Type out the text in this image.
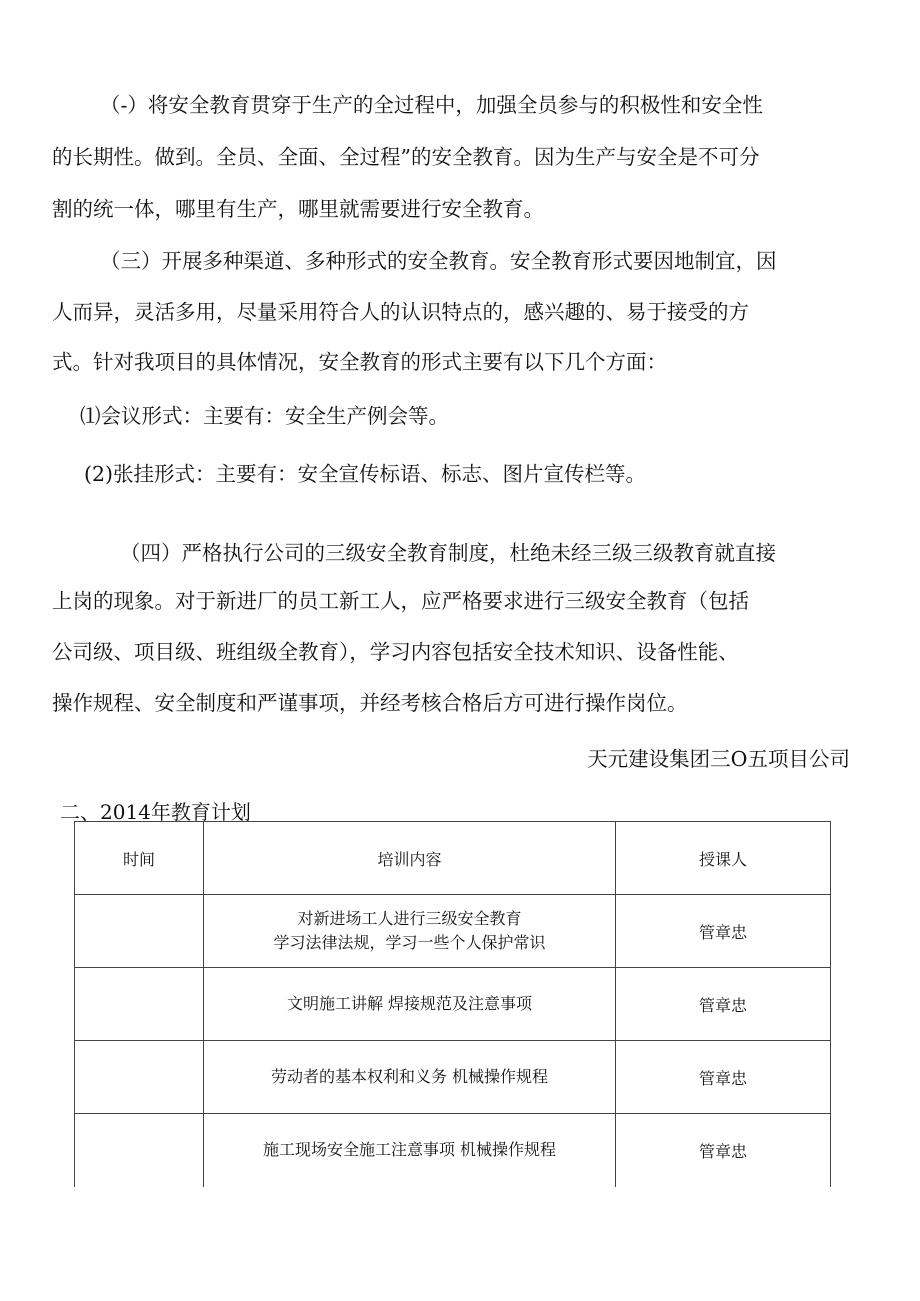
（-）将安全教育贯穿于生产的全过程中，加强全员参与的积极性和安全性
的长期性。做到。全员、全面、全过程”的安全教育。因为生产与安全是不可分
割的统一体，哪里有生产，哪里就需要进行安全教育。
（三）开展多种渠道、多种形式的安全教育。安全教育形式要因地制宜，因
人而异，灵活多用，尽量采用符合人的认识特点的，感兴趣的、易于接受的方
式。针对我项目的具体情况，安全教育的形式主要有以下几个方面：
⑴会议形式：主要有：安全生产例会等。
(2)张挂形式：主要有：安全宣传标语、标志、图片宣传栏等。
（四）严格执行公司的三级安全教育制度，杜绝未经三级三级教育就直接
上岗的现象。对于新进厂的员工新工人，应严格要求进行三级安全教育（包括
公司级、项目级、班组级全教育），学习内容包括安全技术知识、设备性能、
操作规程、安全制度和严谨事项，并经考核合格后方可进行操作岗位。
天元建设集团三O五项目公司
二、2014年教育计划
时间	培训内容	授课人

	对新进场工人进行三级安全教育
学习法律法规，学习一些个人保护常识	管章忠

	文明施工讲解 焊接规范及注意事项	管章忠

	劳动者的基本权利和义务 机械操作规程	管章忠

	施工现场安全施工注意事项 机械操作规程	管章忠
